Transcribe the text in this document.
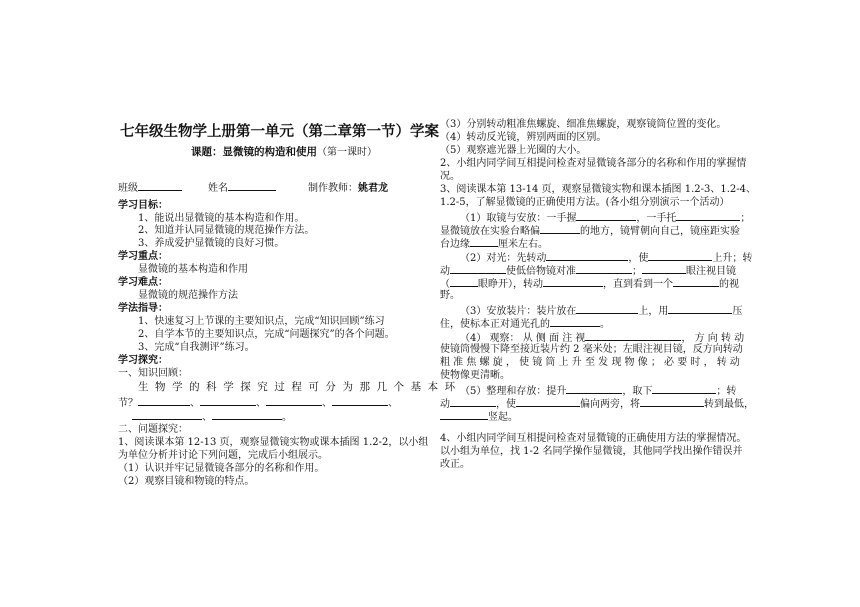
七年级生物学上册第一单元（第二章第一节）学案
课题：显微镜的构造和使用（第一课时）
班级	姓名	制作教师：姚君龙
学习目标：
1、能说出显微镜的基本构造和作用。
2、知道并认同显微镜的规范操作方法。
3、养成爱护显微镜的良好习惯。
学习重点：
显微镜的基本构造和作用
学习难点：
显微镜的规范操作方法
学法指导：
1、快速复习上节课的主要知识点，完成“知识回顾”练习
2、自学本节的主要知识点，完成“问题探究”的各个问题。
3、完成“自我测评”练习。
学习探究：
一、知识回顾：
生 物 学 的 科 学 探 究 过 程 可 分 为 那 几 个 基 本 环
节？	、	、	、	、
、	。
二、问题探究：
1、阅读课本第 12-13 页，观察显微镜实物或课本插图 1.2-2，以小组
为单位分析并讨论下列问题，完成后小组展示。
（1）认识并牢记显微镜各部分的名称和作用。
（2）观察目镜和物镜的特点。
（3）分别转动粗准焦螺旋、细准焦螺旋，观察镜筒位置的变化。
（4）转动反光镜，辨别两面的区别。
（5）观察遮光器上光圈的大小。
2、小组内同学间互相提问检查对显微镜各部分的名称和作用的掌握情
况。
3、阅读课本第 13-14 页，观察显微镜实物和课本插图 1.2-3、1.2-4、
1.2-5，了解显微镜的正确使用方法。(各小组分别演示一个活动）
（1）取镜与安放：一手握	，一手托	；
显微镜放在实验台略偏	的地方，镜臂朝向自己，镜座距实验
台边缘	厘米左右。
（2）对光：先转动	，使	上升；转
动	使低倍物镜对准	；	眼注视目镜
（	眼睁开），转动	，直到看到一个	的视
野。
（3）安放装片：装片放在	上，用	压
住，使标本正对通光孔的	。
（4） 观察： 从 侧 面 注 视	， 方 向 转 动
使镜筒慢慢下降至接近装片约 2 毫米处；左眼注视目镜，反方向转动
粗 准 焦 螺 旋 ， 使 镜 筒 上 升 至 发 现 物 像 ； 必 要 时 ， 转 动
使物像更清晰。
（5）整理和存放：提升	，取下	；转
动	，使	偏向两旁，将	转到最低，
竖起。
4、小组内同学间互相提问检查对显微镜的正确使用方法的掌握情况。
以小组为单位，找 1-2 名同学操作显微镜，其他同学找出操作错误并
改正。
